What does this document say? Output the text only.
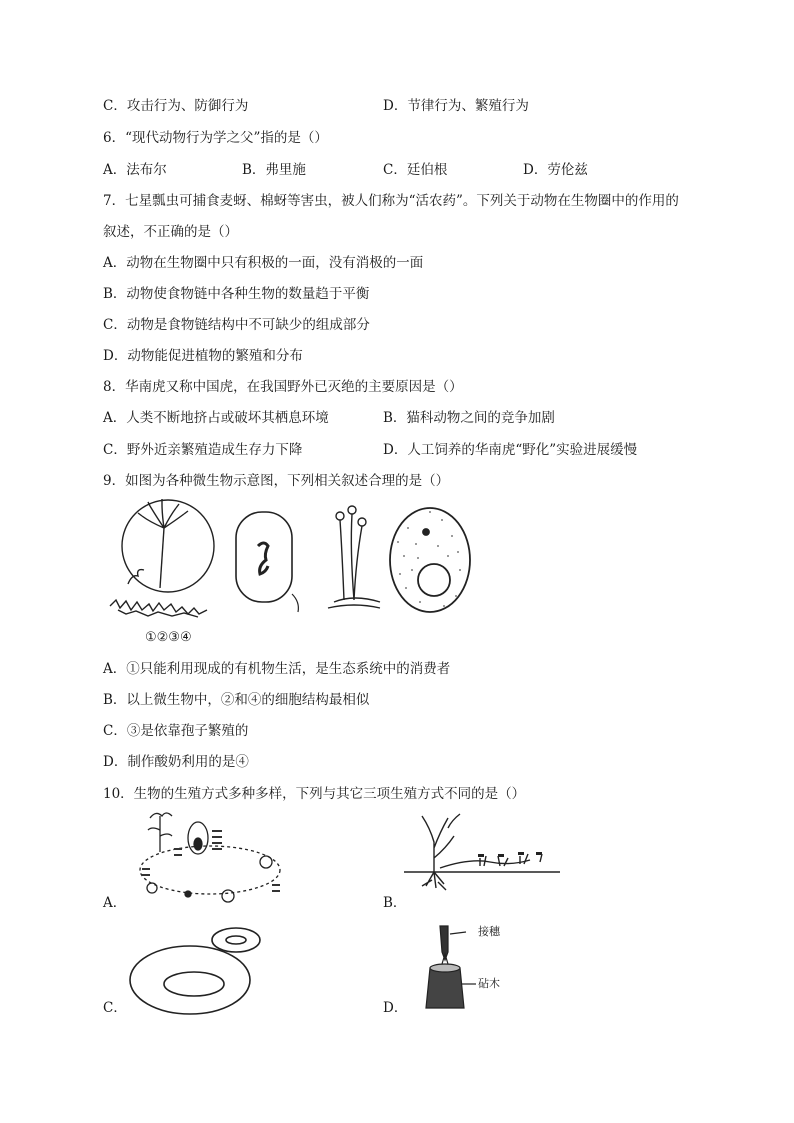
C．攻击行为、防御行为	D．节律行为、繁殖行为
6．“现代动物行为学之父”指的是（）
A．法布尔	B．弗里施	C．廷伯根	D．劳伦兹
7．七星瓢虫可捕食麦蚜、棉蚜等害虫，被人们称为“活农药”。下列关于动物在生物圈中的作用的
叙述，不正确的是（）
A．动物在生物圈中只有积极的一面，没有消极的一面
B．动物使食物链中各种生物的数量趋于平衡
C．动物是食物链结构中不可缺少的组成部分
D．动物能促进植物的繁殖和分布
8．华南虎又称中国虎，在我国野外已灭绝的主要原因是（）
A．人类不断地挤占或破坏其栖息环境	B．猫科动物之间的竞争加剧
C．野外近亲繁殖造成生存力下降	D．人工饲养的华南虎“野化”实验进展缓慢
9．如图为各种微生物示意图，下列相关叙述合理的是（）
①②③④
A．①只能利用现成的有机物生活，是生态系统中的消费者
B．以上微生物中，②和④的细胞结构最相似
C．③是依靠孢子繁殖的
D．制作酸奶利用的是④
10．生物的生殖方式多种多样，下列与其它三项生殖方式不同的是（）
A．	B．
C．	D．
接穗
砧木
